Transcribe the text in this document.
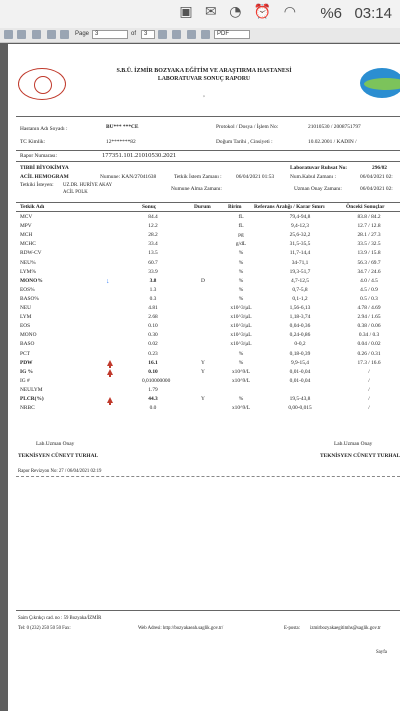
▣ ✉ ◔ ⏰ ◠ %6 03:14
Page 3	of	3	PDF
S.B.Ü. İZMİR BOZYAKA EĞİTİM VE ARAŞTIRMA HASTANESİ
LABORATUVAR SONUÇ RAPORU
,
Hastanın Adı Soyadı :	BU*** ***CE	Protokol / Dosya / İşlem No:	21010530 / 2008751797
TC Kimlik:	12*******82	Doğum Tarihi , Cinsiyeti :	10.02.2001 / KADIN /
Rapor Numarası:	177351.101.21010530.2021
TIBBİ BİYOKİMYA	Laboratuvar Ruhsat No:	296/02
ACİL HEMOGRAM	Numune: KAN/27041638	Tetkik İstem Zamanı :	06/04/2021 01:53	Num.Kabul Zamanı :	06/04/2021 02:
Tetkiki İsteyen: UZ.DR. HURİYE AKAY
ACİL POLK
Numune Alma Zamanı:	Uzman Onay Zamanı:	06/04/2021 02:
Tetkik Adı	Sonuç	Durum	Birim Referans Aralığı / Karar Sınırı	Önceki Sonuçlar
MCV	84.4	fL	79,4-94,8	83.8 / 84.2
MPV	12.2	fL	9,4-12,3	12.7 / 12.8
MCH	28.2	pg	25,6-32,2	28.1 / 27.3
MCHC	33.4	g/dL	31,5-35,5	33.5 / 32.5
RDW-CV	13.5	%	11,7-14,4	13.9 / 15.8
NEU%	60.7	%	34-71,1	56.3 / 69.7
LYM%	33.9	%	19,3-51,7	34.7 / 24.6
MONO%	3.8	D	%	4,7-12,5	4.0 / 4.5
↓
EOS%	1.3	%	0,7-5,8	4.5 / 0.9
BASO%	0.3	%	0,1-1,2	0.5 / 0.3
NEU	4.81	x10^3/µL	1,56-6,13	4.78 / 4.69
LYM	2.68	x10^3/µL	1,18-3,74	2.94 / 1.65
EOS	0.10	x10^3/µL	0,04-0,36	0.38 / 0.06
MONO	0.30	x10^3/µL	0,24-0,86	0.34 / 0.3
BASO	0.02	x10^3/µL	0-0,2	0.04 / 0.02
PCT	0.23	%	0,18-0,39	0.26 / 0.31
PDW	16.1	Y	%	9,9-15,4	17.3 / 16.6
IG %	0.10	Y	x10^9/L	0,01-0,04	/
IG #	0,010000000	x10^9/L	0,01-0,04	/
NEULYM	1.79	/
PLCR(%)	44.3	Y	%	19,5-43,8	/
NRBC	0.0	x10^9/L	0,00-0,015	/
Lab.Uzman Onay
TEKNİSYEN CÜNEYT TURHAL
Lab.Uzman Onay
TEKNİSYEN CÜNEYT TURHAL
Rapor Revizyon No: 27 / 06/04/2021 02:19
Saim Çıkrıkçı cad. no : 59 Bozyaka/İZMİR
Tel: 0 (232) 250 50 50 Fax:	Web Adresi: http://bozyakaeah.saglik.gov.tr/	E-posta: izmirbozyakaegitimhs@saglik.gov.tr
Sayfa
